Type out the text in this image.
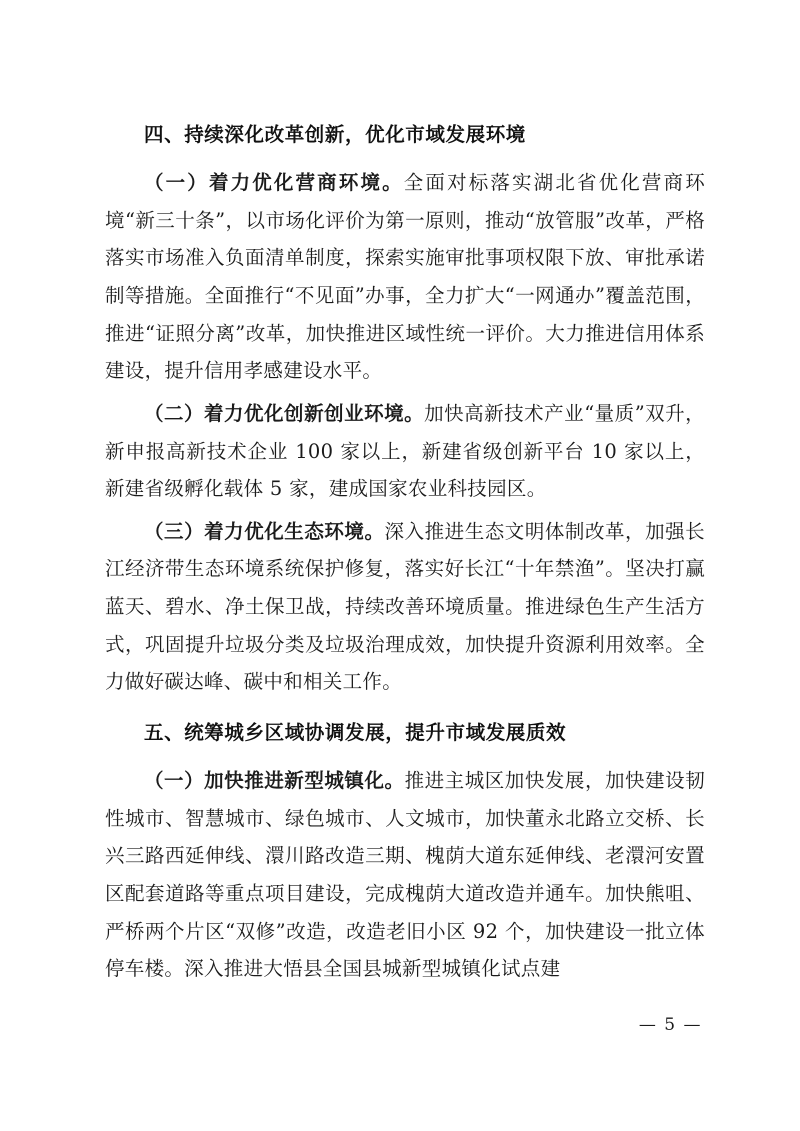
四、持续深化改革创新，优化市域发展环境

（一）着力优化营商环境。全面对标落实湖北省优化营商环境“新三十条”，以市场化评价为第一原则，推动“放管服”改革，严格落实市场准入负面清单制度，探索实施审批事项权限下放、审批承诺制等措施。全面推行“不见面”办事，全力扩大“一网通办”覆盖范围，推进“证照分离”改革，加快推进区域性统一评价。大力推进信用体系建设，提升信用孝感建设水平。

（二）着力优化创新创业环境。加快高新技术产业“量质”双升，新申报高新技术企业 100 家以上，新建省级创新平台 10 家以上，新建省级孵化载体 5 家，建成国家农业科技园区。

（三）着力优化生态环境。深入推进生态文明体制改革，加强长江经济带生态环境系统保护修复，落实好长江“十年禁渔”。坚决打赢蓝天、碧水、净土保卫战，持续改善环境质量。推进绿色生产生活方式，巩固提升垃圾分类及垃圾治理成效，加快提升资源利用效率。全力做好碳达峰、碳中和相关工作。

五、统筹城乡区域协调发展，提升市域发展质效

（一）加快推进新型城镇化。推进主城区加快发展，加快建设韧性城市、智慧城市、绿色城市、人文城市，加快董永北路立交桥、长兴三路西延伸线、澴川路改造三期、槐荫大道东延伸线、老澴河安置区配套道路等重点项目建设，完成槐荫大道改造并通车。加快熊咀、严桥两个片区“双修”改造，改造老旧小区 92 个，加快建设一批立体停车楼。深入推进大悟县全国县城新型城镇化试点建

— 5 —
